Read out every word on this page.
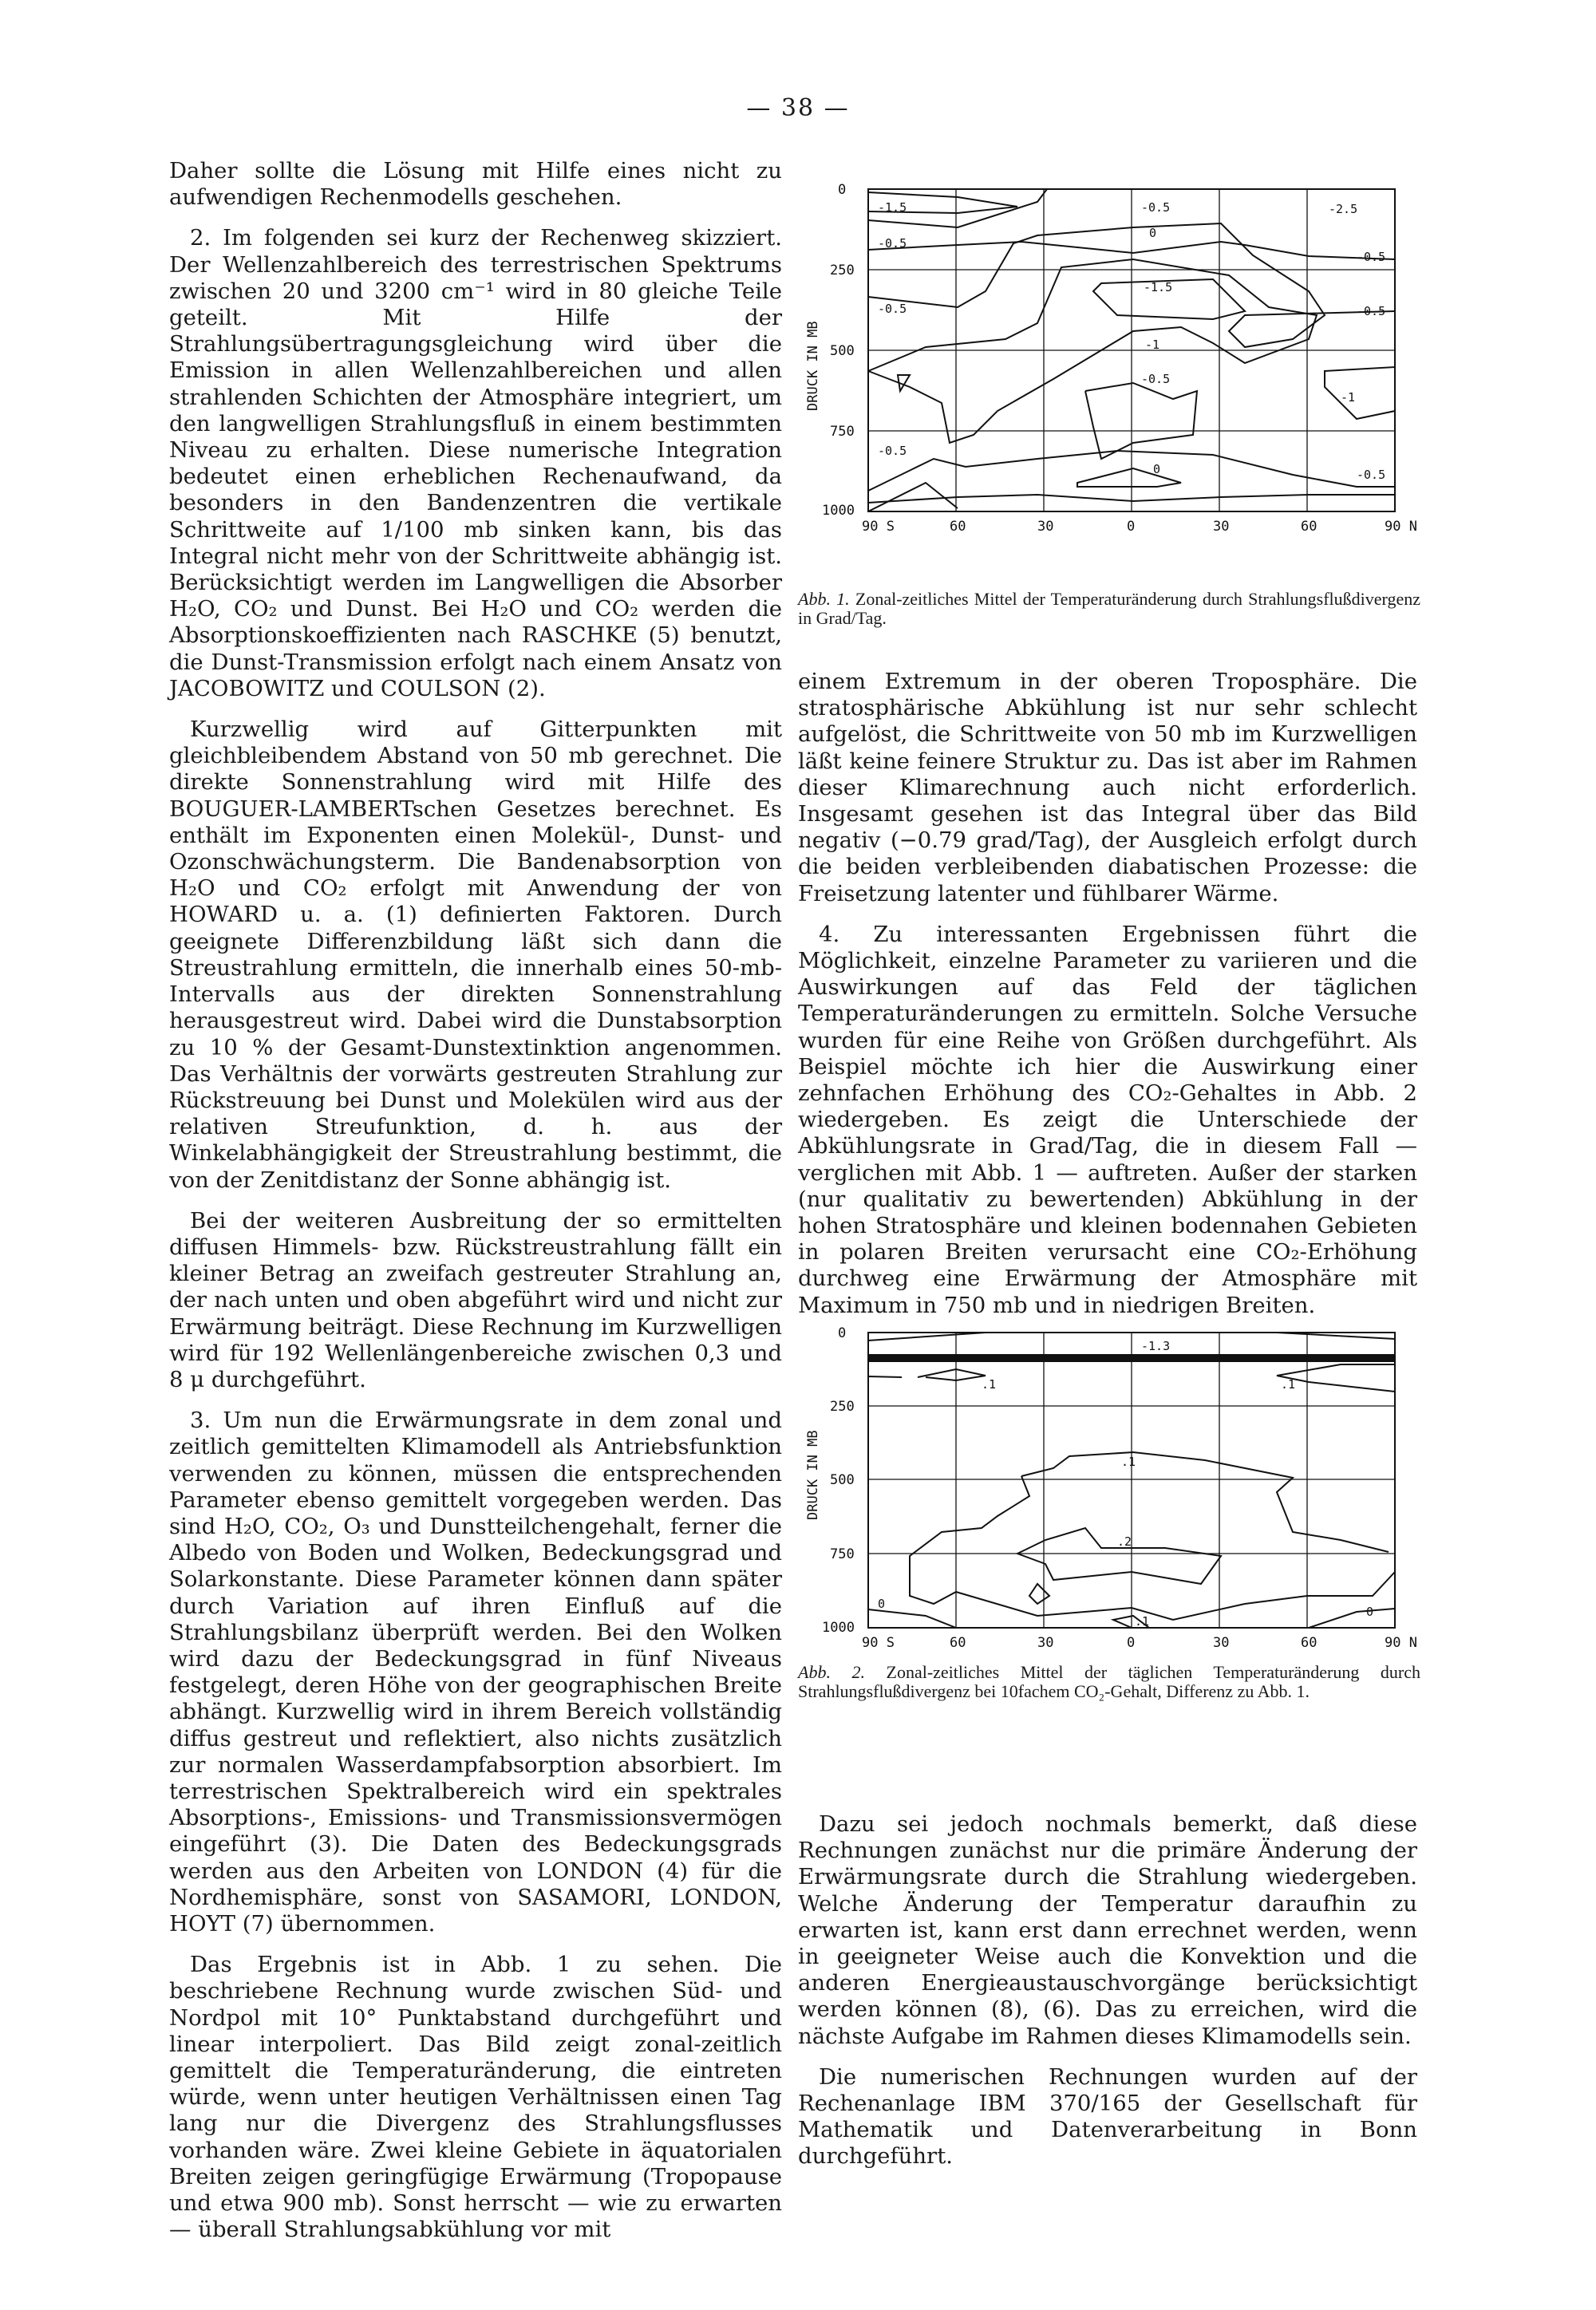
— 38 —

Daher sollte die Lösung mit Hilfe eines nicht zu aufwendigen Rechenmodells geschehen.

2. Im folgenden sei kurz der Rechenweg skizziert. Der Wellenzahlbereich des terrestrischen Spektrums zwischen 20 und 3200 cm⁻¹ wird in 80 gleiche Teile geteilt. Mit Hilfe der Strahlungsübertragungsgleichung wird über die Emission in allen Wellenzahlbereichen und allen strahlenden Schichten der Atmosphäre integriert, um den langwelligen Strahlungsfluß in einem bestimmten Niveau zu erhalten. Diese numerische Integration bedeutet einen erheblichen Rechenaufwand, da besonders in den Bandenzentren die vertikale Schrittweite auf 1/100 mb sinken kann, bis das Integral nicht mehr von der Schrittweite abhängig ist. Berücksichtigt werden im Langwelligen die Absorber H₂O, CO₂ und Dunst. Bei H₂O und CO₂ werden die Absorptionskoeffizienten nach RASCHKE (5) benutzt, die Dunst-Transmission erfolgt nach einem Ansatz von JACOBOWITZ und COULSON (2).

Kurzwellig wird auf Gitterpunkten mit gleichbleibendem Abstand von 50 mb gerechnet. Die direkte Sonnenstrahlung wird mit Hilfe des BOUGUER-LAMBERTschen Gesetzes berechnet. Es enthält im Exponenten einen Molekül-, Dunst- und Ozonschwächungsterm. Die Bandenabsorption von H₂O und CO₂ erfolgt mit Anwendung der von HOWARD u. a. (1) definierten Faktoren. Durch geeignete Differenzbildung läßt sich dann die Streustrahlung ermitteln, die innerhalb eines 50-mb-Intervalls aus der direkten Sonnenstrahlung herausgestreut wird. Dabei wird die Dunstabsorption zu 10 % der Gesamt-Dunstextinktion angenommen. Das Verhältnis der vorwärts gestreuten Strahlung zur Rückstreuung bei Dunst und Molekülen wird aus der relativen Streufunktion, d. h. aus der Winkelabhängigkeit der Streustrahlung bestimmt, die von der Zenitdistanz der Sonne abhängig ist.

Bei der weiteren Ausbreitung der so ermittelten diffusen Himmels- bzw. Rückstreustrahlung fällt ein kleiner Betrag an zweifach gestreuter Strahlung an, der nach unten und oben abgeführt wird und nicht zur Erwärmung beiträgt. Diese Rechnung im Kurzwelligen wird für 192 Wellenlängenbereiche zwischen 0,3 und 8 μ durchgeführt.

3. Um nun die Erwärmungsrate in dem zonal und zeitlich gemittelten Klimamodell als Antriebsfunktion verwenden zu können, müssen die entsprechenden Parameter ebenso gemittelt vorgegeben werden. Das sind H₂O, CO₂, O₃ und Dunstteilchengehalt, ferner die Albedo von Boden und Wolken, Bedeckungsgrad und Solarkonstante. Diese Parameter können dann später durch Variation auf ihren Einfluß auf die Strahlungsbilanz überprüft werden. Bei den Wolken wird dazu der Bedeckungsgrad in fünf Niveaus festgelegt, deren Höhe von der geographischen Breite abhängt. Kurzwellig wird in ihrem Bereich vollständig diffus gestreut und reflektiert, also nichts zusätzlich zur normalen Wasserdampfabsorption absorbiert. Im terrestrischen Spektralbereich wird ein spektrales Absorptions-, Emissions- und Transmissionsvermögen eingeführt (3). Die Daten des Bedeckungsgrads werden aus den Arbeiten von LONDON (4) für die Nordhemisphäre, sonst von SASAMORI, LONDON, HOYT (7) übernommen.

Das Ergebnis ist in Abb. 1 zu sehen. Die beschriebene Rechnung wurde zwischen Süd- und Nordpol mit 10° Punktabstand durchgeführt und linear interpoliert. Das Bild zeigt zonal-zeitlich gemittelt die Temperaturänderung, die eintreten würde, wenn unter heutigen Verhältnissen einen Tag lang nur die Divergenz des Strahlungsflusses vorhanden wäre. Zwei kleine Gebiete in äquatorialen Breiten zeigen geringfügige Erwärmung (Tropopause und etwa 900 mb). Sonst herrscht — wie zu erwarten — überall Strahlungsabkühlung vor mit

0
250
500
750
1000
90 S	60	30	0	30	60	90 N
DRUCK IN MB
-1.5	-0.5
0
-2.5
-0.5
-0.5
-1.5
-0.5	-0.5
-1
-0.5
-1
-0.5
0	-0.5
Abb. 1. Zonal-zeitliches Mittel der Temperaturänderung durch Strahlungsflußdivergenz in Grad/Tag.

einem Extremum in der oberen Troposphäre. Die stratosphärische Abkühlung ist nur sehr schlecht aufgelöst, die Schrittweite von 50 mb im Kurzwelligen läßt keine feinere Struktur zu. Das ist aber im Rahmen dieser Klimarechnung auch nicht erforderlich. Insgesamt gesehen ist das Integral über das Bild negativ (−0.79 grad/Tag), der Ausgleich erfolgt durch die beiden verbleibenden diabatischen Prozesse: die Freisetzung latenter und fühlbarer Wärme.

4. Zu interessanten Ergebnissen führt die Möglichkeit, einzelne Parameter zu variieren und die Auswirkungen auf das Feld der täglichen Temperaturänderungen zu ermitteln. Solche Versuche wurden für eine Reihe von Größen durchgeführt. Als Beispiel möchte ich hier die Auswirkung einer zehnfachen Erhöhung des CO₂-Gehaltes in Abb. 2 wiedergeben. Es zeigt die Unterschiede der Abkühlungsrate in Grad/Tag, die in diesem Fall — verglichen mit Abb. 1 — auftreten. Außer der starken (nur qualitativ zu bewertenden) Abkühlung in der hohen Stratosphäre und kleinen bodennahen Gebieten in polaren Breiten verursacht eine CO₂-Erhöhung durchweg eine Erwärmung der Atmosphäre mit Maximum in 750 mb und in niedrigen Breiten.

0
250
500
750
1000
90 S	60	30	0	30	60	90 N
DRUCK IN MB
-1.3
.1	.1
.1
.2
0
0
.1
Abb. 2. Zonal-zeitliches Mittel der täglichen Temperaturänderung durch Strahlungsflußdivergenz bei 10fachem CO₂-Gehalt, Differenz zu Abb. 1.

Dazu sei jedoch nochmals bemerkt, daß diese Rechnungen zunächst nur die primäre Änderung der Erwärmungsrate durch die Strahlung wiedergeben. Welche Änderung der Temperatur daraufhin zu erwarten ist, kann erst dann errechnet werden, wenn in geeigneter Weise auch die Konvektion und die anderen Energieaustauschvorgänge berücksichtigt werden können (8), (6). Das zu erreichen, wird die nächste Aufgabe im Rahmen dieses Klimamodells sein.

Die numerischen Rechnungen wurden auf der Rechenanlage IBM 370/165 der Gesellschaft für Mathematik und Datenverarbeitung in Bonn durchgeführt.
